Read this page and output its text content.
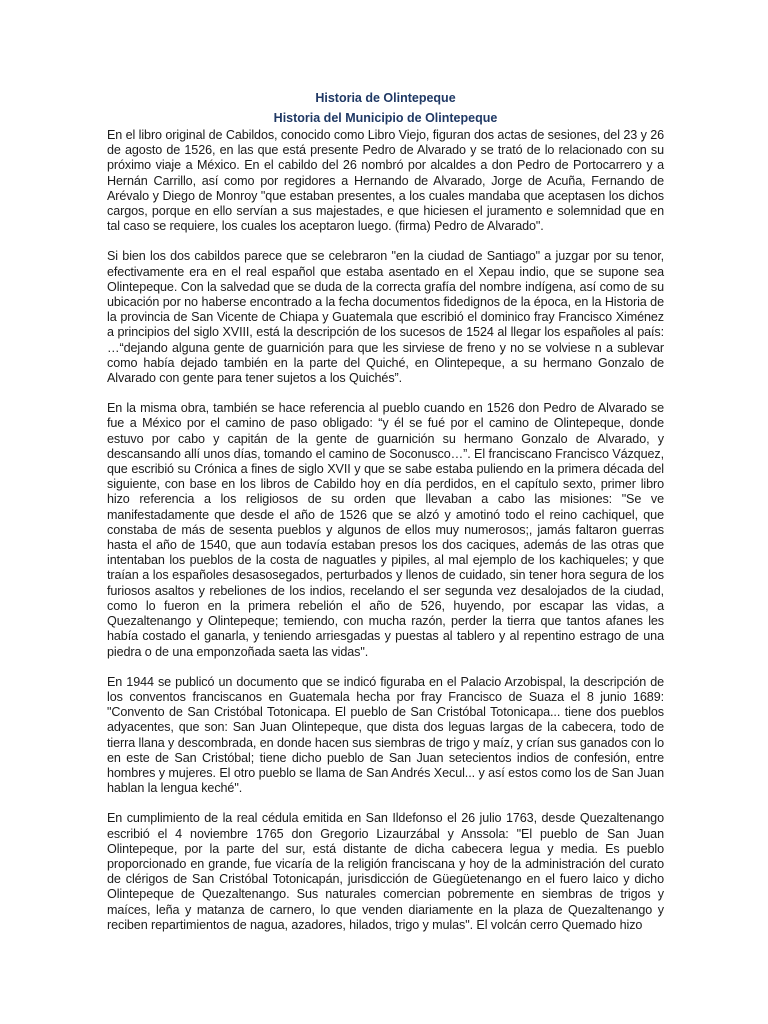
Historia de Olintepeque
Historia del Municipio de Olintepeque

En el libro original de Cabildos, conocido como Libro Viejo, figuran dos actas de sesiones, del 23 y 26 de agosto de 1526, en las que está presente Pedro de Alvarado y se trató de lo relacionado con su próximo viaje a México. En el cabildo del 26 nombró por alcaldes a don Pedro de Portocarrero y a Hernán Carrillo, así como por regidores a Hernando de Alvarado, Jorge de Acuña, Fernando de Arévalo y Diego de Monroy "que estaban presentes, a los cuales mandaba que aceptasen los dichos cargos, porque en ello servían a sus majestades, e que hiciesen el juramento e solemnidad que en tal caso se requiere, los cuales los aceptaron luego. (firma) Pedro de Alvarado".

Si bien los dos cabildos parece que se celebraron "en la ciudad de Santiago" a juzgar por su tenor, efectivamente era en el real español que estaba asentado en el Xepau indio, que se supone sea Olintepeque. Con la salvedad que se duda de la correcta grafía del nombre indígena, así como de su ubicación por no haberse encontrado a la fecha documentos fidedignos de la época, en la Historia de la provincia de San Vicente de Chiapa y Guatemala que escribió el dominico fray Francisco Ximénez a principios del siglo XVIII, está la descripción de los sucesos de 1524 al llegar los españoles al país: …“dejando alguna gente de guarnición para que les sirviese de freno y no se volviese n a sublevar como había dejado también en la parte del Quiché, en Olintepeque, a su hermano Gonzalo de Alvarado con gente para tener sujetos a los Quichés”.

En la misma obra, también se hace referencia al pueblo cuando en 1526 don Pedro de Alvarado se fue a México por el camino de paso obligado: “y él se fué por el camino de Olintepeque, donde estuvo por cabo y capitán de la gente de guarnición su hermano Gonzalo de Alvarado, y descansando allí unos días, tomando el camino de Soconusco…”. El franciscano Francisco Vázquez, que escribió su Crónica a fines de siglo XVII y que se sabe estaba puliendo en la primera década del siguiente, con base en los libros de Cabildo hoy en día perdidos, en el capítulo sexto, primer libro hizo referencia a los religiosos de su orden que llevaban a cabo las misiones: "Se ve manifestadamente que desde el año de 1526 que se alzó y amotinó todo el reino cachiquel, que constaba de más de sesenta pueblos y algunos de ellos muy numerosos;, jamás faltaron guerras hasta el año de 1540, que aun todavía estaban presos los dos caciques, además de las otras que intentaban los pueblos de la costa de naguatles y pipiles, al mal ejemplo de los kachiqueles; y que traían a los españoles desasosegados, perturbados y llenos de cuidado, sin tener hora segura de los furiosos asaltos y rebeliones de los indios, recelando el ser segunda vez desalojados de la ciudad, como lo fueron en la primera rebelión el año de 526, huyendo, por escapar las vidas, a Quezaltenango y Olintepeque; temiendo, con mucha razón, perder la tierra que tantos afanes les había costado el ganarla, y teniendo arriesgadas y puestas al tablero y al repentino estrago de una piedra o de una emponzoñada saeta las vidas".

En 1944 se publicó un documento que se indicó figuraba en el Palacio Arzobispal, la descripción de los conventos franciscanos en Guatemala hecha por fray Francisco de Suaza el 8 junio 1689: "Convento de San Cristóbal Totonicapa. El pueblo de San Cristóbal Totonicapa... tiene dos pueblos adyacentes, que son: San Juan Olintepeque, que dista dos leguas largas de la cabecera, todo de tierra llana y descombrada, en donde hacen sus siembras de trigo y maíz, y crían sus ganados con lo en este de San Cristóbal; tiene dicho pueblo de San Juan setecientos indios de confesión, entre hombres y mujeres. El otro pueblo se llama de San Andrés Xecul... y así estos como los de San Juan hablan la lengua keché".

En cumplimiento de la real cédula emitida en San Ildefonso el 26 julio 1763, desde Quezaltenango escribió el 4 noviembre 1765 don Gregorio Lizaurzábal y Anssola: "El pueblo de San Juan Olintepeque, por la parte del sur, está distante de dicha cabecera legua y media. Es pueblo proporcionado en grande, fue vicaría de la religión franciscana y hoy de la administración del curato de clérigos de San Cristóbal Totonicapán, jurisdicción de Güegüetenango en el fuero laico y dicho Olintepeque de Quezaltenango. Sus naturales comercian pobremente en siembras de trigos y maíces, leña y matanza de carnero, lo que venden diariamente en la plaza de Quezaltenango y reciben repartimientos de nagua, azadores, hilados, trigo y mulas". El volcán cerro Quemado hizo
